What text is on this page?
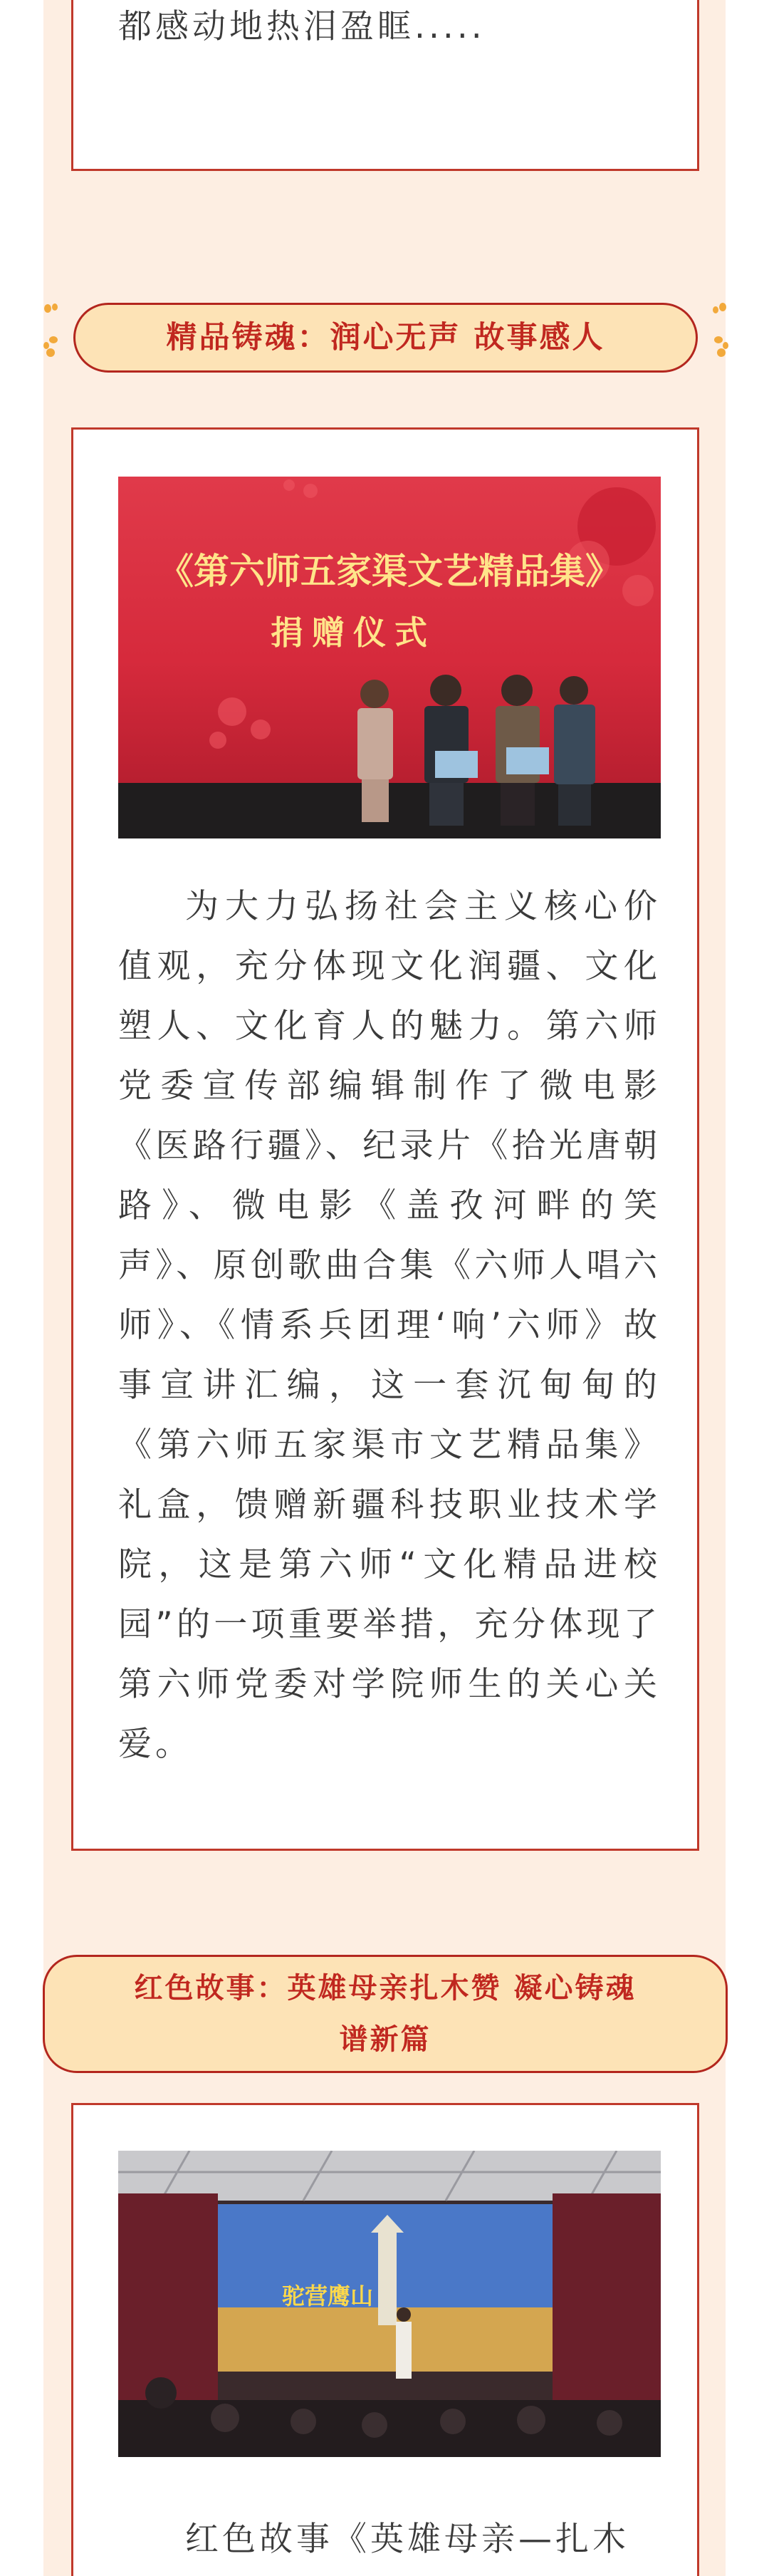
都感动地热泪盈眶.....

精品铸魂：润心无声 故事感人
《第六师五家渠文艺精品集》
捐赠仪式

为大力弘扬社会主义核心价值观，充分体现文化润疆、文化塑人、文化育人的魅力。第六师党委宣传部编辑制作了微电影《医路行疆》、纪录片《拾光唐朝路》、微电影《盖孜河畔的笑声》、原创歌曲合集《六师人唱六师》、《情系兵团理‘响’六师》故事宣讲汇编，这一套沉甸甸的《第六师五家渠市文艺精品集》礼盒，馈赠新疆科技职业技术学院，这是第六师“文化精品进校园”的一项重要举措，充分体现了第六师党委对学院师生的关心关爱。

红色故事：英雄母亲扎木赞 凝心铸魂
谱新篇
驼营鹰山

红色故事《英雄母亲—扎木
